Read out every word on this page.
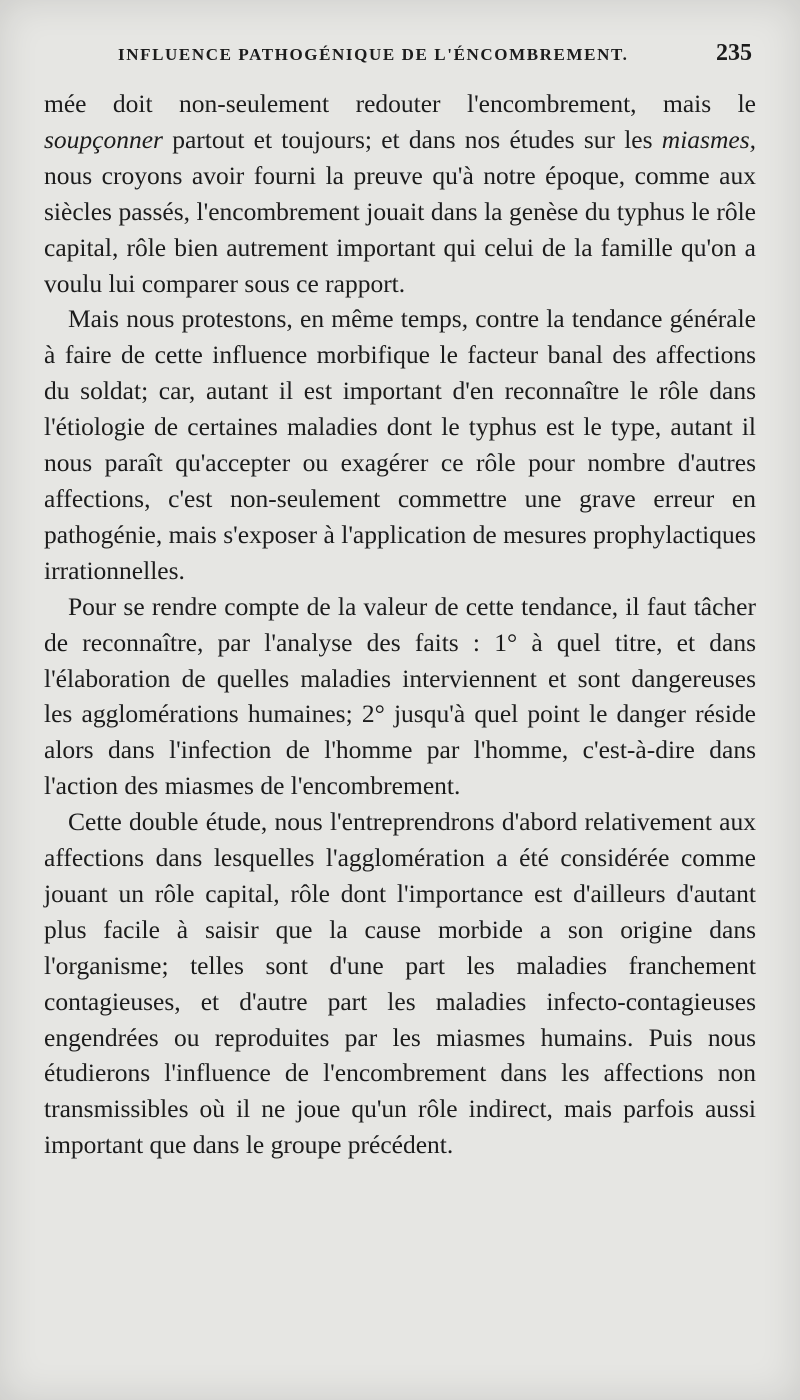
INFLUENCE PATHOGÉNIQUE DE L'ÉNCOMBREMENT.	235

mée doit non-seulement redouter l'encombrement, mais le soupçonner partout et toujours; et dans nos études sur les miasmes, nous croyons avoir fourni la preuve qu'à notre époque, comme aux siècles passés, l'encombrement jouait dans la genèse du typhus le rôle capital, rôle bien autrement important qui celui de la famille qu'on a voulu lui comparer sous ce rapport.

Mais nous protestons, en même temps, contre la tendance générale à faire de cette influence morbifique le facteur banal des affections du soldat; car, autant il est important d'en reconnaître le rôle dans l'étiologie de certaines maladies dont le typhus est le type, autant il nous paraît qu'accepter ou exagérer ce rôle pour nombre d'autres affections, c'est non-seulement commettre une grave erreur en pathogénie, mais s'exposer à l'application de mesures prophylactiques irrationnelles.

Pour se rendre compte de la valeur de cette tendance, il faut tâcher de reconnaître, par l'analyse des faits : 1° à quel titre, et dans l'élaboration de quelles maladies interviennent et sont dangereuses les agglomérations humaines; 2° jusqu'à quel point le danger réside alors dans l'infection de l'homme par l'homme, c'est-à-dire dans l'action des miasmes de l'encombrement.

Cette double étude, nous l'entreprendrons d'abord relativement aux affections dans lesquelles l'agglomération a été considérée comme jouant un rôle capital, rôle dont l'importance est d'ailleurs d'autant plus facile à saisir que la cause morbide a son origine dans l'organisme; telles sont d'une part les maladies franchement contagieuses, et d'autre part les maladies infecto-contagieuses engendrées ou reproduites par les miasmes humains. Puis nous étudierons l'influence de l'encombrement dans les affections non transmissibles où il ne joue qu'un rôle indirect, mais parfois aussi important que dans le groupe précédent.
